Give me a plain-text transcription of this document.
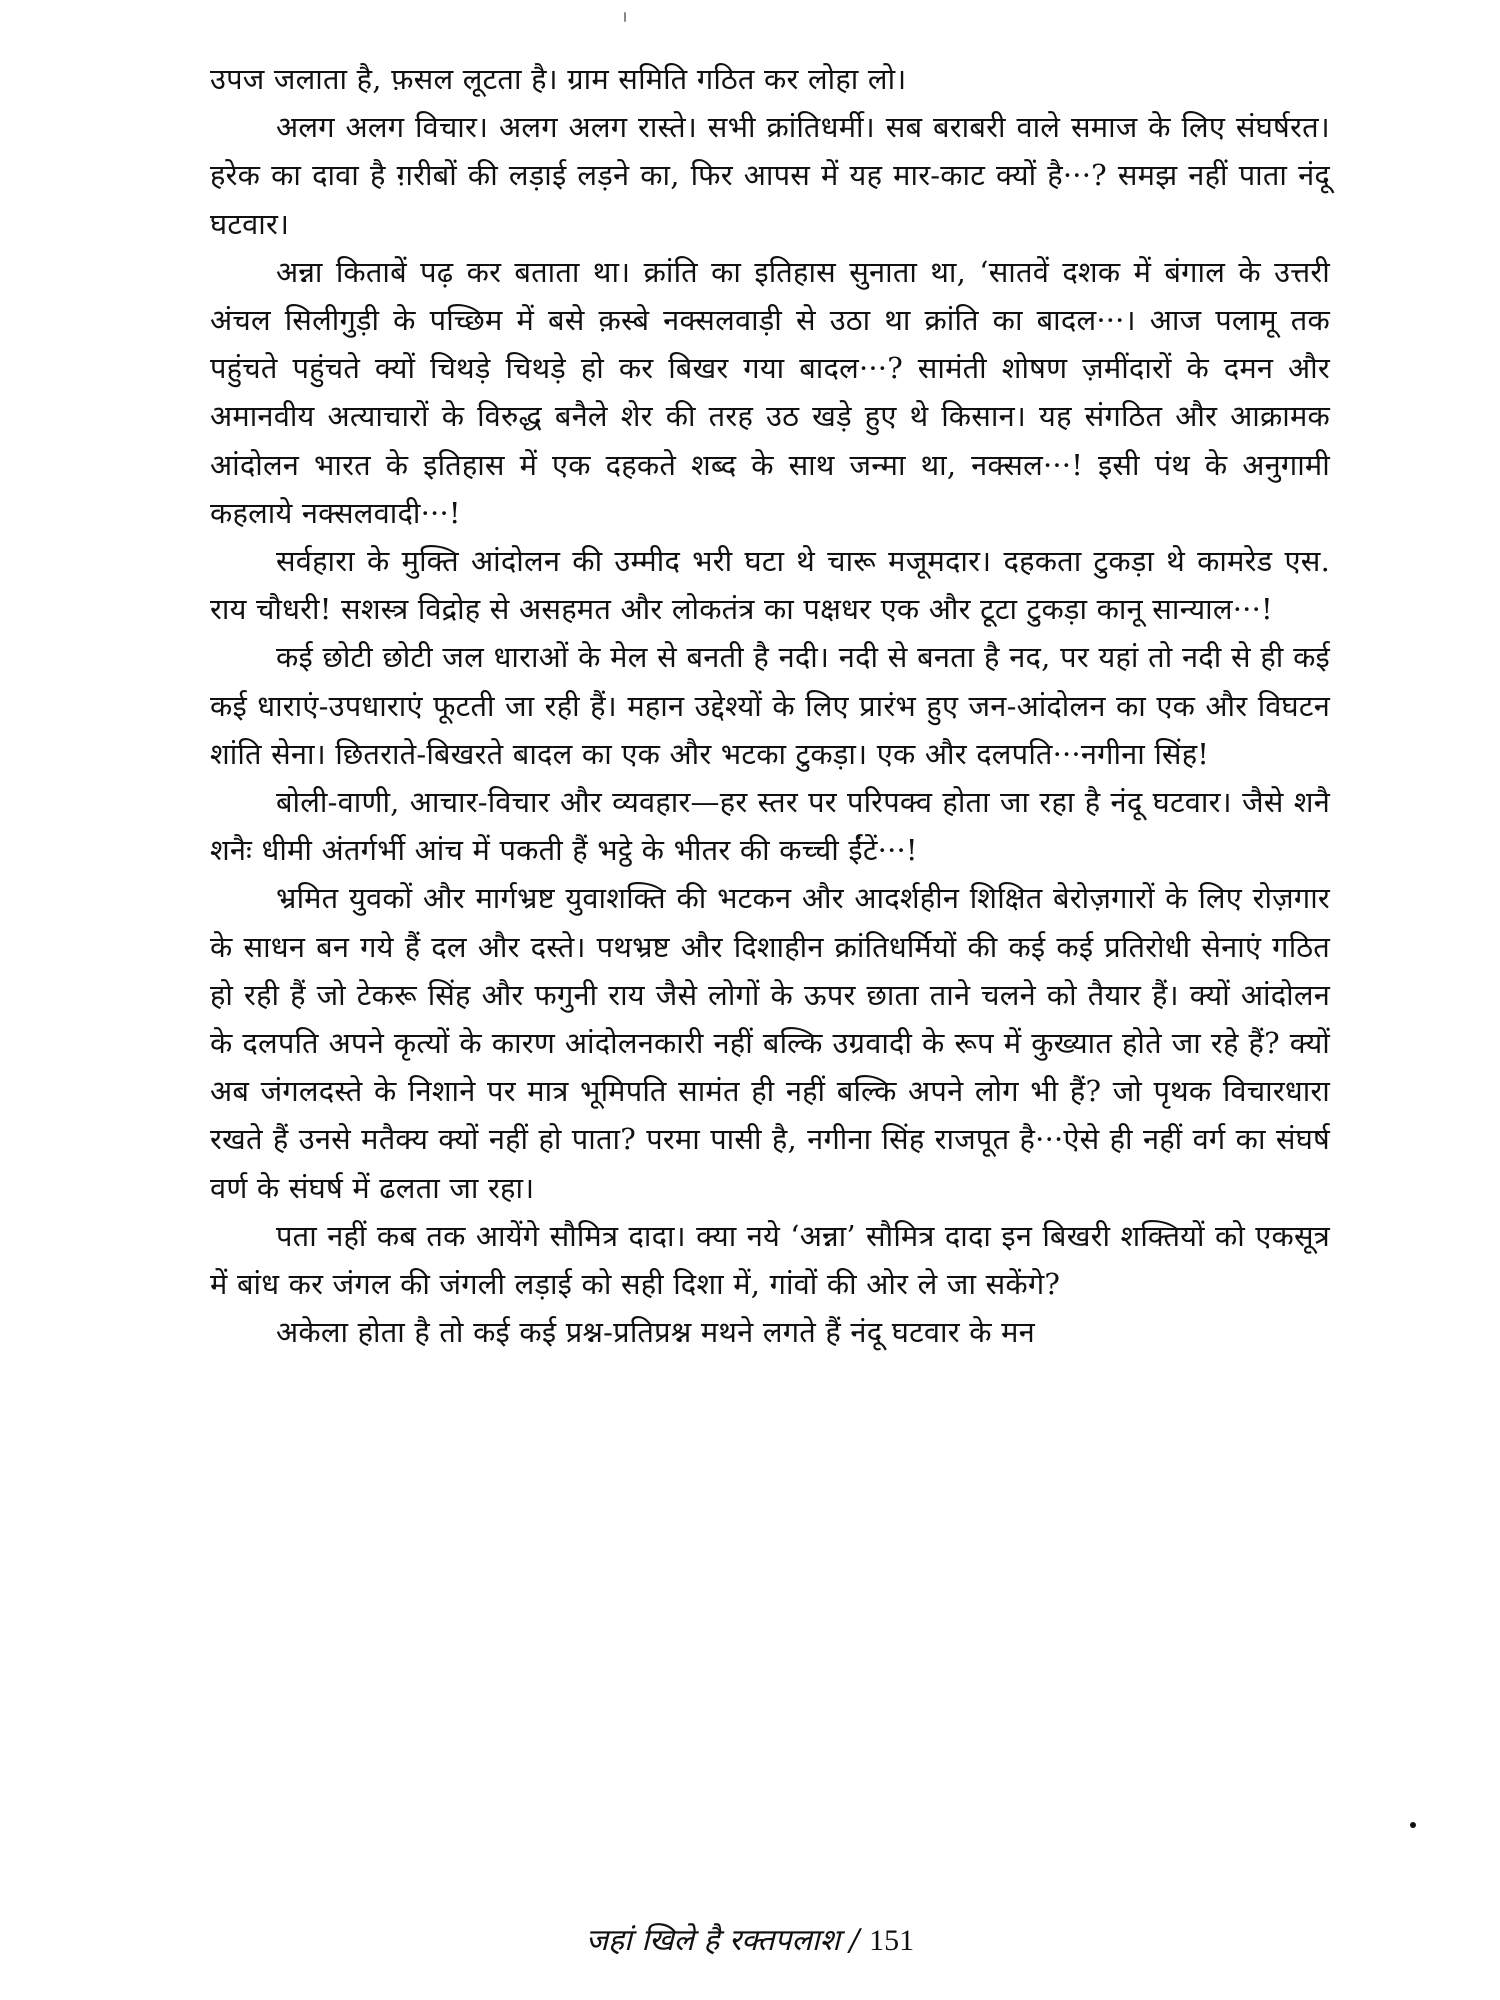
उपज जलाता है, फ़सल लूटता है। ग्राम समिति गठित कर लोहा लो।

अलग अलग विचार। अलग अलग रास्ते। सभी क्रांतिधर्मी। सब बराबरी वाले समाज के लिए संघर्षरत। हरेक का दावा है ग़रीबों की लड़ाई लड़ने का, फिर आपस में यह मार-काट क्यों है···? समझ नहीं पाता नंदू घटवार।

अन्ना किताबें पढ़ कर बताता था। क्रांति का इतिहास सुनाता था, ‘सातवें दशक में बंगाल के उत्तरी अंचल सिलीगुड़ी के पच्छिम में बसे क़स्बे नक्सलवाड़ी से उठा था क्रांति का बादल···। आज पलामू तक पहुंचते पहुंचते क्यों चिथड़े चिथड़े हो कर बिखर गया बादल···? सामंती शोषण ज़मींदारों के दमन और अमानवीय अत्याचारों के विरुद्ध बनैले शेर की तरह उठ खड़े हुए थे किसान। यह संगठित और आक्रामक आंदोलन भारत के इतिहास में एक दहकते शब्द के साथ जन्मा था, नक्सल···! इसी पंथ के अनुगामी कहलाये नक्सलवादी···!

सर्वहारा के मुक्ति आंदोलन की उम्मीद भरी घटा थे चारू मजूमदार। दहकता टुकड़ा थे कामरेड एस. राय चौधरी! सशस्त्र विद्रोह से असहमत और लोकतंत्र का पक्षधर एक और टूटा टुकड़ा कानू सान्याल···!

कई छोटी छोटी जल धाराओं के मेल से बनती है नदी। नदी से बनता है नद, पर यहां तो नदी से ही कई कई धाराएं-उपधाराएं फूटती जा रही हैं। महान उद्देश्यों के लिए प्रारंभ हुए जन-आंदोलन का एक और विघटन शांति सेना। छितराते-बिखरते बादल का एक और भटका टुकड़ा। एक और दलपति···नगीना सिंह!

बोली-वाणी, आचार-विचार और व्यवहार—हर स्तर पर परिपक्व होता जा रहा है नंदू घटवार। जैसे शनै शनैः धीमी अंतर्गर्भी आंच में पकती हैं भट्ठे के भीतर की कच्ची ईंटें···!

भ्रमित युवकों और मार्गभ्रष्ट युवाशक्ति की भटकन और आदर्शहीन शिक्षित बेरोज़गारों के लिए रोज़गार के साधन बन गये हैं दल और दस्ते। पथभ्रष्ट और दिशाहीन क्रांतिधर्मियों की कई कई प्रतिरोधी सेनाएं गठित हो रही हैं जो टेकरू सिंह और फगुनी राय जैसे लोगों के ऊपर छाता ताने चलने को तैयार हैं। क्यों आंदोलन के दलपति अपने कृत्यों के कारण आंदोलनकारी नहीं बल्कि उग्रवादी के रूप में कुख्यात होते जा रहे हैं? क्यों अब जंगलदस्ते के निशाने पर मात्र भूमिपति सामंत ही नहीं बल्कि अपने लोग भी हैं? जो पृथक विचारधारा रखते हैं उनसे मतैक्य क्यों नहीं हो पाता? परमा पासी है, नगीना सिंह राजपूत है···ऐसे ही नहीं वर्ग का संघर्ष वर्ण के संघर्ष में ढलता जा रहा।

पता नहीं कब तक आयेंगे सौमित्र दादा। क्या नये ‘अन्ना’ सौमित्र दादा इन बिखरी शक्तियों को एकसूत्र में बांध कर जंगल की जंगली लड़ाई को सही दिशा में, गांवों की ओर ले जा सकेंगे?

अकेला होता है तो कई कई प्रश्न-प्रतिप्रश्न मथने लगते हैं नंदू घटवार के मन

जहां खिले है रक्तपलाश / 151
